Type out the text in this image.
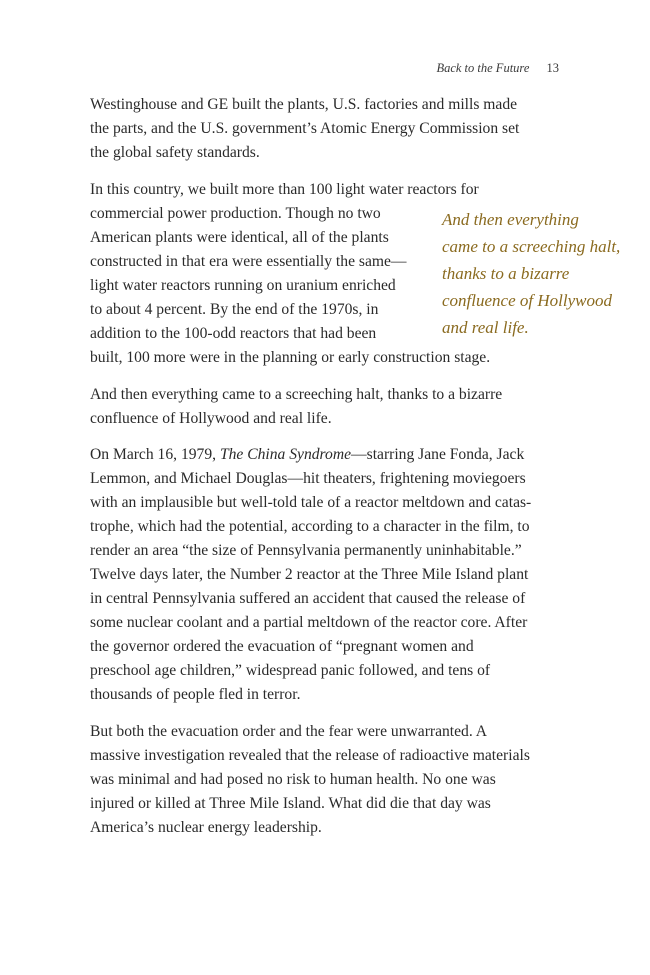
Back to the Future 13

Westinghouse and GE built the plants, U.S. factories and mills made
the parts, and the U.S. government’s Atomic Energy Commission set
the global safety standards.

In this country, we built more than 100 light water reactors for
commercial power production. Though no two
American plants were identical, all of the plants
constructed in that era were essentially the same—
light water reactors running on uranium enriched
to about 4 percent. By the end of the 1970s, in
addition to the 100-odd reactors that had been
built, 100 more were in the planning or early construction stage.

And then everything
came to a screeching halt,
thanks to a bizarre
confluence of Hollywood
and real life.

And then everything came to a screeching halt, thanks to a bizarre
confluence of Hollywood and real life.

On March 16, 1979, The China Syndrome—starring Jane Fonda, Jack
Lemmon, and Michael Douglas—hit theaters, frightening moviegoers
with an implausible but well-told tale of a reactor meltdown and catas-
trophe, which had the potential, according to a character in the film, to
render an area “the size of Pennsylvania permanently uninhabitable.”
Twelve days later, the Number 2 reactor at the Three Mile Island plant
in central Pennsylvania suffered an accident that caused the release of
some nuclear coolant and a partial meltdown of the reactor core. After
the governor ordered the evacuation of “pregnant women and
preschool age children,” widespread panic followed, and tens of
thousands of people fled in terror.

But both the evacuation order and the fear were unwarranted. A
massive investigation revealed that the release of radioactive materials
was minimal and had posed no risk to human health. No one was
injured or killed at Three Mile Island. What did die that day was
America’s nuclear energy leadership.
